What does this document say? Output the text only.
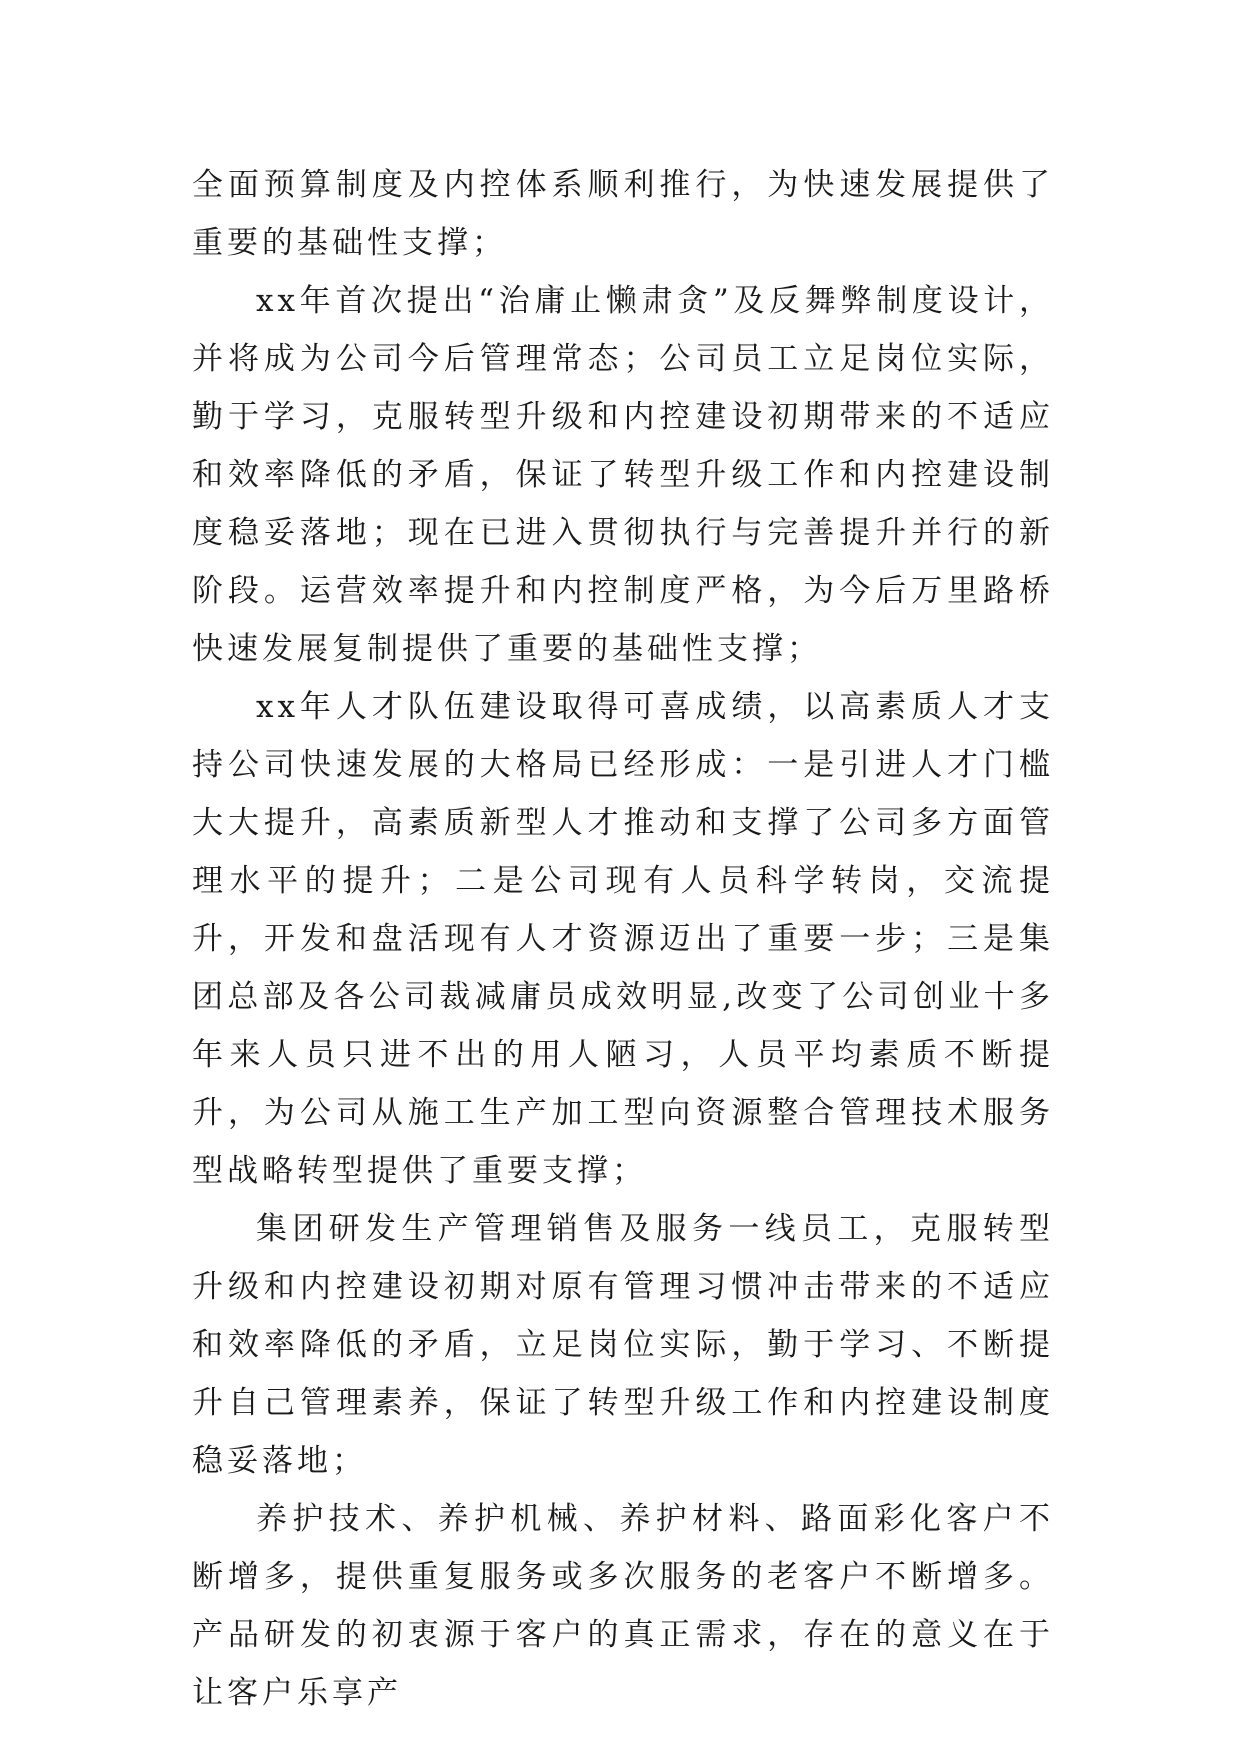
全面预算制度及内控体系顺利推行，为快速发展提供了重要的基础性支撑；

xx年首次提出“治庸止懒肃贪”及反舞弊制度设计，并将成为公司今后管理常态；公司员工立足岗位实际，勤于学习，克服转型升级和内控建设初期带来的不适应和效率降低的矛盾，保证了转型升级工作和内控建设制度稳妥落地；现在已进入贯彻执行与完善提升并行的新阶段。运营效率提升和内控制度严格，为今后万里路桥快速发展复制提供了重要的基础性支撑；

xx年人才队伍建设取得可喜成绩，以高素质人才支持公司快速发展的大格局已经形成：一是引进人才门槛大大提升，高素质新型人才推动和支撑了公司多方面管理水平的提升；二是公司现有人员科学转岗，交流提升，开发和盘活现有人才资源迈出了重要一步；三是集团总部及各公司裁减庸员成效明显,改变了公司创业十多年来人员只进不出的用人陋习，人员平均素质不断提升，为公司从施工生产加工型向资源整合管理技术服务型战略转型提供了重要支撑；

集团研发生产管理销售及服务一线员工，克服转型升级和内控建设初期对原有管理习惯冲击带来的不适应和效率降低的矛盾，立足岗位实际，勤于学习、不断提升自己管理素养，保证了转型升级工作和内控建设制度稳妥落地；

养护技术、养护机械、养护材料、路面彩化客户不断增多，提供重复服务或多次服务的老客户不断增多。产品研发的初衷源于客户的真正需求，存在的意义在于让客户乐享产
